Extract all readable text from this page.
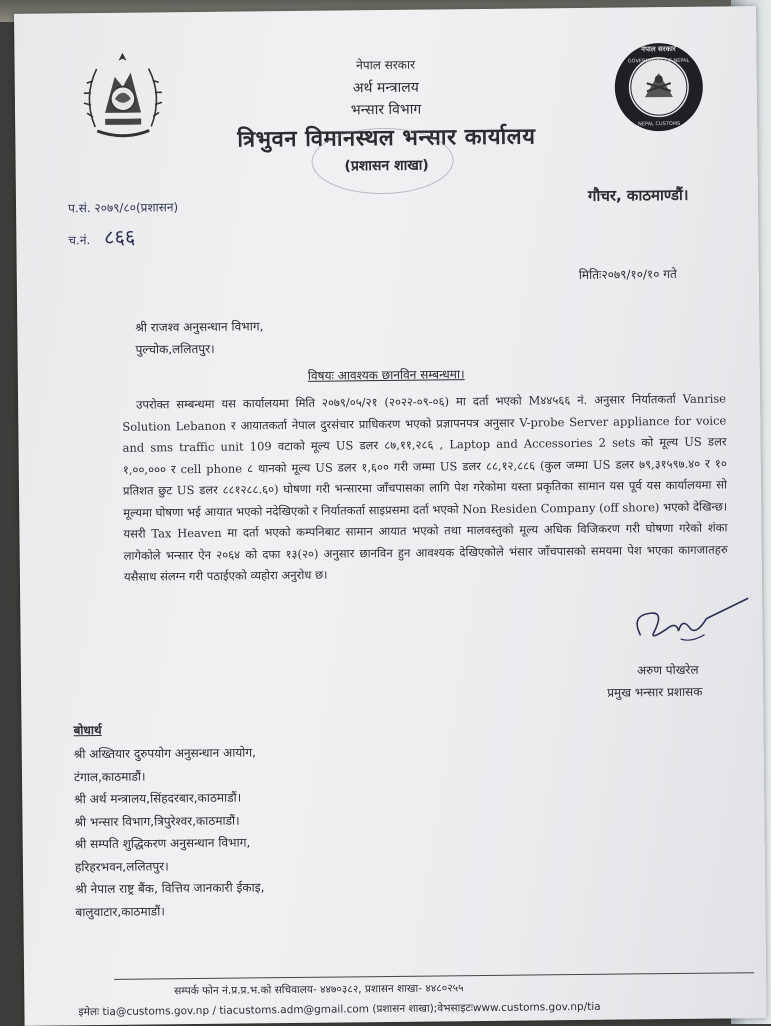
नेपाल सरकार
GOVERNMENT OF NEPAL
NEPAL CUSTOMS
नेपाल सरकार
अर्थ मन्त्रालय
भन्सार विभाग
त्रिभुवन विमानस्थल भन्सार कार्यालय
(प्रशासन शाखा)
प.सं. २०७९/८०(प्रशासन)
च.नं. ८६६
गौचर, काठमाण्डौं।
मितिः२०७९/१०/१० गते
श्री राजश्व अनुसन्धान विभाग,
पुल्चोक,ललितपुर।
विषयः आवश्यक छानविन सम्बन्धमा।
उपरोक्त सम्बन्धमा यस कार्यालयमा मिति २०७९/०५/२१ (२०२२-०९-०६) मा दर्ता भएको M४४५६६ नं. अनुसार निर्यातकर्ता Vanrise Solution Lebanon र आयातकर्ता नेपाल दुरसंचार प्राधिकरण भएको प्रज्ञापनपत्र अनुसार V-probe Server appliance for voice and sms traffic unit 109 वटाको मूल्य US डलर ८७,११,२८६ , Laptop and Accessories 2 sets को मूल्य US डलर १,००,००० र cell phone ८ थानको मूल्य US डलर १,६०० गरी जम्मा US डलर ८८,१२,८८६ (कुल जम्मा US डलर ७९,३१५९७.४० र १० प्रतिशत छुट US डलर ८८१२८८.६०) घोषणा गरी भन्सारमा जाँचपासका लागि पेश गरेकोमा यस्ता प्रकृतिका सामान यस पूर्व यस कार्यालयमा सो मूल्यमा घोषणा भई आयात भएको नदेखिएको र निर्यातकर्ता साइप्रसमा दर्ता भएको Non Residen Company (off shore) भएको देखिन्छ। यसरी Tax Heaven मा दर्ता भएको कम्पनिबाट सामान आयात भएको तथा मालवस्तुको मूल्य अधिक विजिकरण गरी घोषणा गरेको शंका लागेकोले भन्सार ऐन २०६४ को दफा १३(२०) अनुसार छानविन हुन आवश्यक देखिएकोले भंसार जाँचपासको समयमा पेश भएका कागजातहरु यसैसाथ संलग्न गरी पठाईएको व्यहोरा अनुरोध छ।
अरुण पोखरेल
प्रमुख भन्सार प्रशासक
बोधार्थ
श्री अख्तियार दुरुपयोग अनुसन्धान आयोग,
टंगाल,काठमाडौं।
श्री अर्थ मन्त्रालय,सिंहदरबार,काठमाडौं।
श्री भन्सार विभाग,त्रिपुरेश्वर,काठमाडौं।
श्री सम्पति शुद्धिकरण अनुसन्धान विभाग,
हरिहरभवन,ललितपुर।
श्री नेपाल राष्ट्र बैंक, वित्तिय जानकारी ईकाइ,
बालुवाटार,काठमाडौं।
सम्पर्क फोन नं.प्र.प्र.भ.को सचिवालय- ४४७०३८२, प्रशासन शाखा- ४४८०२५५
इमेलः tia@customs.gov.np / tiacustoms.adm@gmail.com (प्रशासन शाखा);वेभसाइटःwww.customs.gov.np/tia
